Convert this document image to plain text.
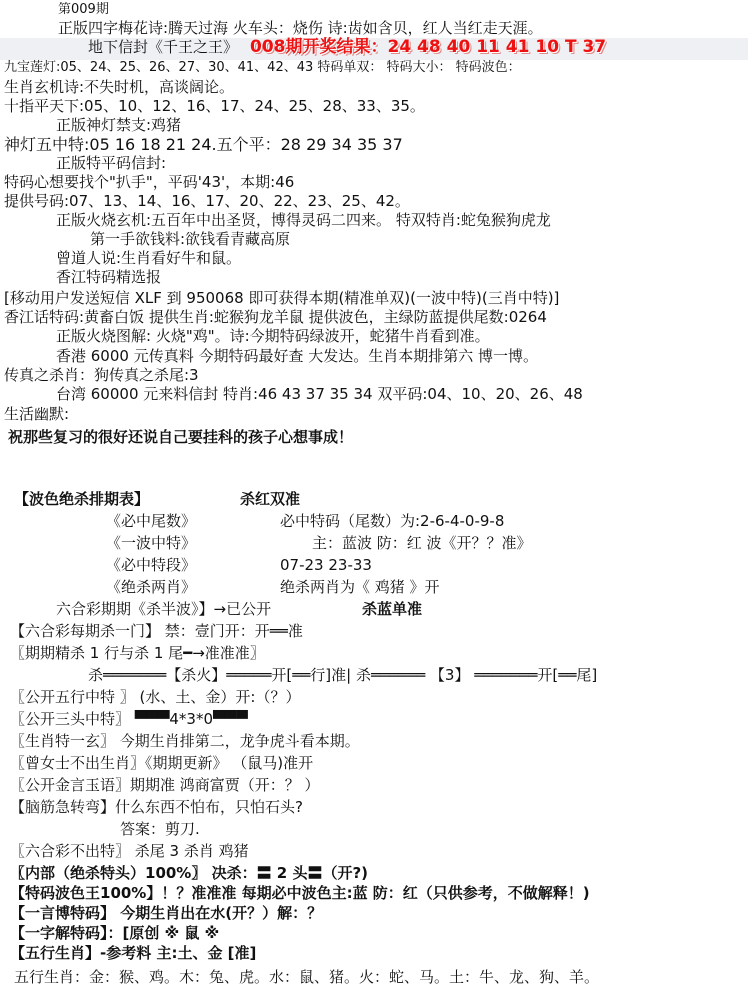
第009期
正版四字梅花诗:腾天过海 火车头：烧伤 诗:齿如含贝，红人当红走天涯。
地下信封《千王之王》
九宝莲灯:05、24、25、26、27、30、41、42、43 特码单双： 特码大小： 特码波色：
生肖玄机诗:不失时机，高谈阔论。
十指平天下:05、10、12、16、17、24、25、28、33、35。
正版神灯禁支:鸡猪
神灯五中特:05 16 18 21 24.五个平：28 29 34 35 37
正版特平码信封:
特码心想要找个"扒手"，平码'43'，本期:46
提供号码:07、13、14、16、17、20、22、23、25、42。
正版火烧玄机:五百年中出圣贤，博得灵码二四来。 特双特肖:蛇兔猴狗虎龙
第一手欲钱料:欲钱看青藏高原
曾道人说:生肖看好牛和鼠。
香江特码精选报
[移动用户发送短信 XLF 到 950068 即可获得本期(精准单双)(一波中特)(三肖中特)]
香江话特码:黄畜白饭 提供生肖:蛇猴狗龙羊鼠 提供波色，主绿防蓝提供尾数:0264
正版火烧图解: 火烧"鸡"。诗:今期特码绿波开，蛇猪牛肖看到准。
香港 6000 元传真料 今期特码最好查 大发达。生肖本期排第六 博一博。
传真之杀肖：狗传真之杀尾:3
台湾 60000 元来料信封 特肖:46 43 37 35 34 双平码:04、10、20、26、48
生活幽默:
祝那些复习的很好还说自己要挂科的孩子心想事成！
【波色绝杀排期表】	杀红双准
《必中尾数》	必中特码（尾数）为:2-6-4-0-9-8
《一波中特》	主：蓝波 防：红 波《开？？准》
《必中特段》	07-23 23-33
《绝杀两肖》	绝杀两肖为《 鸡猪 》开
六合彩期期《杀半波》】→已公开	杀蓝单准
【六合彩每期杀一门】 禁：壹门开：开══准
〖期期精杀 1 行与杀 1 尾━→准准准〗
杀═══════【杀火】═════开[══行]准| 杀══════ 【3】 ═══════开[══尾]
〖公开五行中特 〗 (水、土、金）开:（？）
〖公开三头中特〗 ▀▀▀4*3*0▀▀▀
〖生肖特一玄〗 今期生肖排第二，龙争虎斗看本期。
〖曾女士不出生肖〗《期期更新》 （鼠马)准开
〖公开金言玉语〗期期准 鸿商富贾（开：？ ）
【脑筋急转弯】什么东西不怕布，只怕石头?
答案：剪刀.
〖六合彩不出特〗 杀尾 3 杀肖 鸡猪
〖内部（绝杀特头）100%〗 决杀：〓 2 头〓（开?)
【特码波色王100%】！？准准准 每期必中波色主:蓝 防：红（只供参考，不做解释！)
【一言博特码】 今期生肖出在水(开？）解：？
【一字解特码】：[原创 ※ 鼠 ※
【五行生肖】-参考料 主:土、金 [准]
五行生肖：金：猴、鸡。木：兔、虎。水：鼠、猪。火：蛇、马。土：牛、龙、狗、羊。
008期开奖结果：24 48 40 11 41 10 T 37
